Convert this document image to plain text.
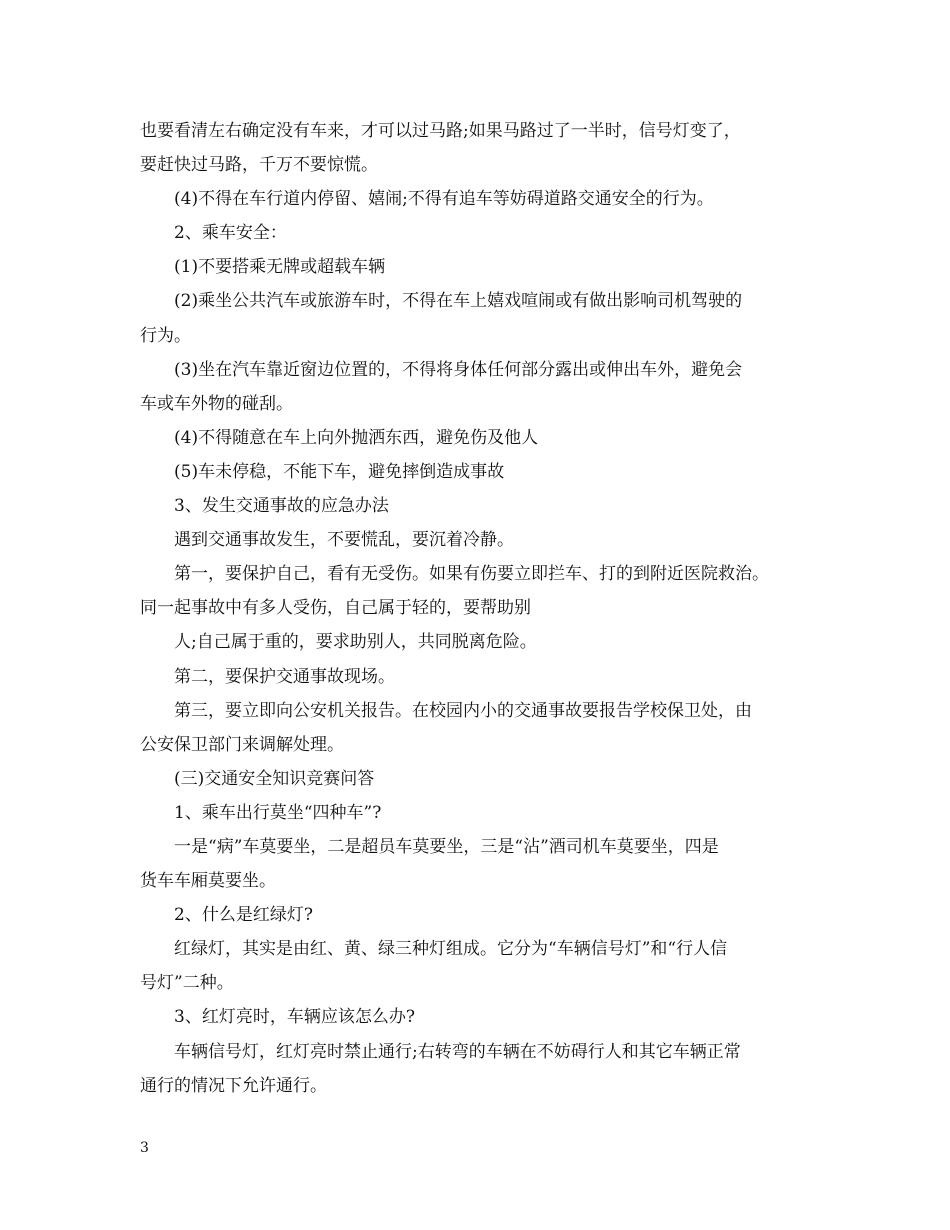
也要看清左右确定没有车来，才可以过马路;如果马路过了一半时，信号灯变了，
要赶快过马路，千万不要惊慌。
(4)不得在车行道内停留、嬉闹;不得有追车等妨碍道路交通安全的行为。
2、乘车安全：
(1)不要搭乘无牌或超载车辆
(2)乘坐公共汽车或旅游车时，不得在车上嬉戏喧闹或有做出影响司机驾驶的
行为。
(3)坐在汽车靠近窗边位置的，不得将身体任何部分露出或伸出车外，避免会
车或车外物的碰刮。
(4)不得随意在车上向外抛洒东西，避免伤及他人
(5)车未停稳，不能下车，避免摔倒造成事故
3、发生交通事故的应急办法
遇到交通事故发生，不要慌乱，要沉着冷静。
第一，要保护自己，看有无受伤。如果有伤要立即拦车、打的到附近医院救治。
同一起事故中有多人受伤，自己属于轻的，要帮助别
人;自己属于重的，要求助别人，共同脱离危险。
第二，要保护交通事故现场。
第三，要立即向公安机关报告。在校园内小的交通事故要报告学校保卫处，由
公安保卫部门来调解处理。
(三)交通安全知识竞赛问答
1、乘车出行莫坐“四种车”?
一是“病”车莫要坐，二是超员车莫要坐，三是“沾”酒司机车莫要坐，四是
货车车厢莫要坐。
2、什么是红绿灯?
红绿灯，其实是由红、黄、绿三种灯组成。它分为“车辆信号灯”和“行人信
号灯”二种。
3、红灯亮时，车辆应该怎么办?
车辆信号灯，红灯亮时禁止通行;右转弯的车辆在不妨碍行人和其它车辆正常
通行的情况下允许通行。
3
